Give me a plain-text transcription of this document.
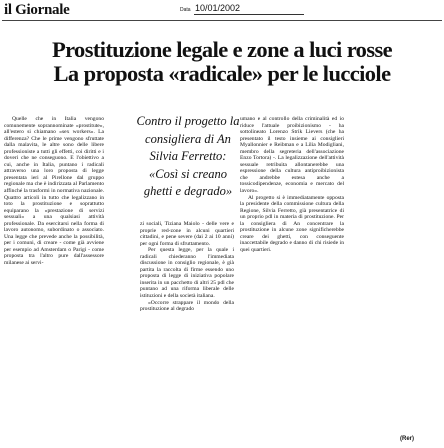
il Giornale	Data 10/01/2002
Prostituzione legale e zone a luci rosse
La proposta «radicale» per le lucciole

Quelle che in Italia vengono comunemente soprannominate «prostitute», all'estero si chiamano «sex workers». La differenza? Che le prime vengono sfruttate dalla malavita, le altre sono delle libere professioniste a tutti gli effetti, coi diritti e i doveri che ne conseguono. E l'obiettivo a cui, anche in Italia, puntano i radicali attraverso una loro proposta di legge presentata ieri al Pirellone dal gruppo regionale ma che è indirizzata al Parlamento affinché la trasformi in normativa nazionale. Quattro articoli in tutto che legalizzano in toto la prostituzione e soprattutto equiparano la «prestazione di servizi sessuali» a una qualsiasi attività professionale. Da esercitarsi nella forma di lavoro autonomo, subordinato o associato. Una legge che prevede anche la possibilità, per i comuni, di creare - come già avviene per esempio ad Amsterdam o Parigi - come proposta tra l'altro pure dall'assessore milanese ai servi-

Contro il progetto la consigliera di An Silvia Ferretto: «Così si creano ghetti e degrado»

zi sociali, Tiziana Maiolo - delle vere e proprie red-zone in alcuni quartieri cittadini, e pene severe (dai 2 ai 10 anni) per ogni forma di sfruttamento.

Per questa legge, per la quale i radicali chiederanno l'immediata discussione in consiglio regionale, è già partita la raccolta di firme essendo uno proposta di legge di iniziativa popolare inserita in un pacchetto di altri 25 pdl che puntano ad una riforma liberale delle istituzioni e della società italiana.

«Occorre strappare il mondo della prostituzione al degrado

umano e al controllo della criminalità ed io riduce l'attuale proibizionismo - ha sottolineato Lorenzo Strik Lievers (che ha presentato il testo insieme ai consiglieri Myallonnier e Reibman e a Lilia Modigliani, membro della segreteria dell'associazione Enzo Tortora) -. La legalizzazione dell'attività sessuale retribuita allontanerebbe una espressione della cultura antiproibizionista che andrebbe estesa anche a tossicodipendenze, economia e mercato del lavoro».

Al progetto si è immediatamente opposta la presidente della commissione cultura della Regione, Silvia Ferretto, già presentatrice di un proprio pdl in materia di prostituzione. Per la consigliera di An concentrare la prostituzione in alcune zone significherebbe creare dei ghetti, con conseguente inaccettabile degrado e danno di chi risiede in quei quartieri.

(Rer)
